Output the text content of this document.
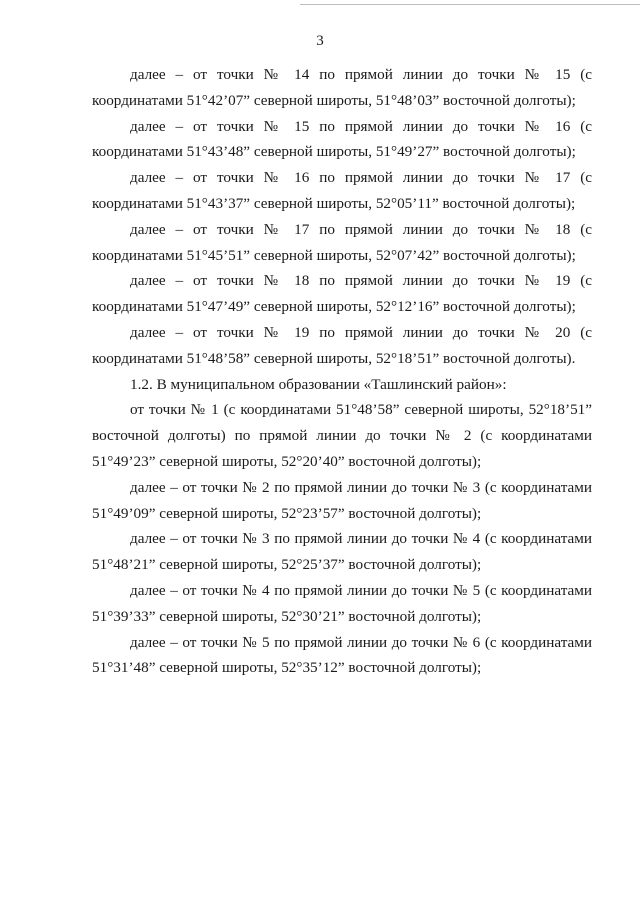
3

далее – от точки № 14 по прямой линии до точки № 15 (с координатами 51°42’07” северной широты, 51°48’03” восточной долготы);

далее – от точки № 15 по прямой линии до точки № 16 (с координатами 51°43’48” северной широты, 51°49’27” восточной долготы);

далее – от точки № 16 по прямой линии до точки № 17 (с координатами 51°43’37” северной широты, 52°05’11” восточной долготы);

далее – от точки № 17 по прямой линии до точки № 18 (с координатами 51°45’51” северной широты, 52°07’42” восточной долготы);

далее – от точки № 18 по прямой линии до точки № 19 (с координатами 51°47’49” северной широты, 52°12’16” восточной долготы);

далее – от точки № 19 по прямой линии до точки № 20 (с координатами 51°48’58” северной широты, 52°18’51” восточной долготы).

1.2. В муниципальном образовании «Ташлинский район»:

от точки № 1 (с координатами 51°48’58” северной широты, 52°18’51” восточной долготы) по прямой линии до точки № 2 (с координатами 51°49’23” северной широты, 52°20’40” восточной долготы);

далее – от точки № 2 по прямой линии до точки № 3 (с координатами 51°49’09” северной широты, 52°23’57” восточной долготы);

далее – от точки № 3 по прямой линии до точки № 4 (с координатами 51°48’21” северной широты, 52°25’37” восточной долготы);

далее – от точки № 4 по прямой линии до точки № 5 (с координатами 51°39’33” северной широты, 52°30’21” восточной долготы);

далее – от точки № 5 по прямой линии до точки № 6 (с координатами 51°31’48” северной широты, 52°35’12” восточной долготы);
